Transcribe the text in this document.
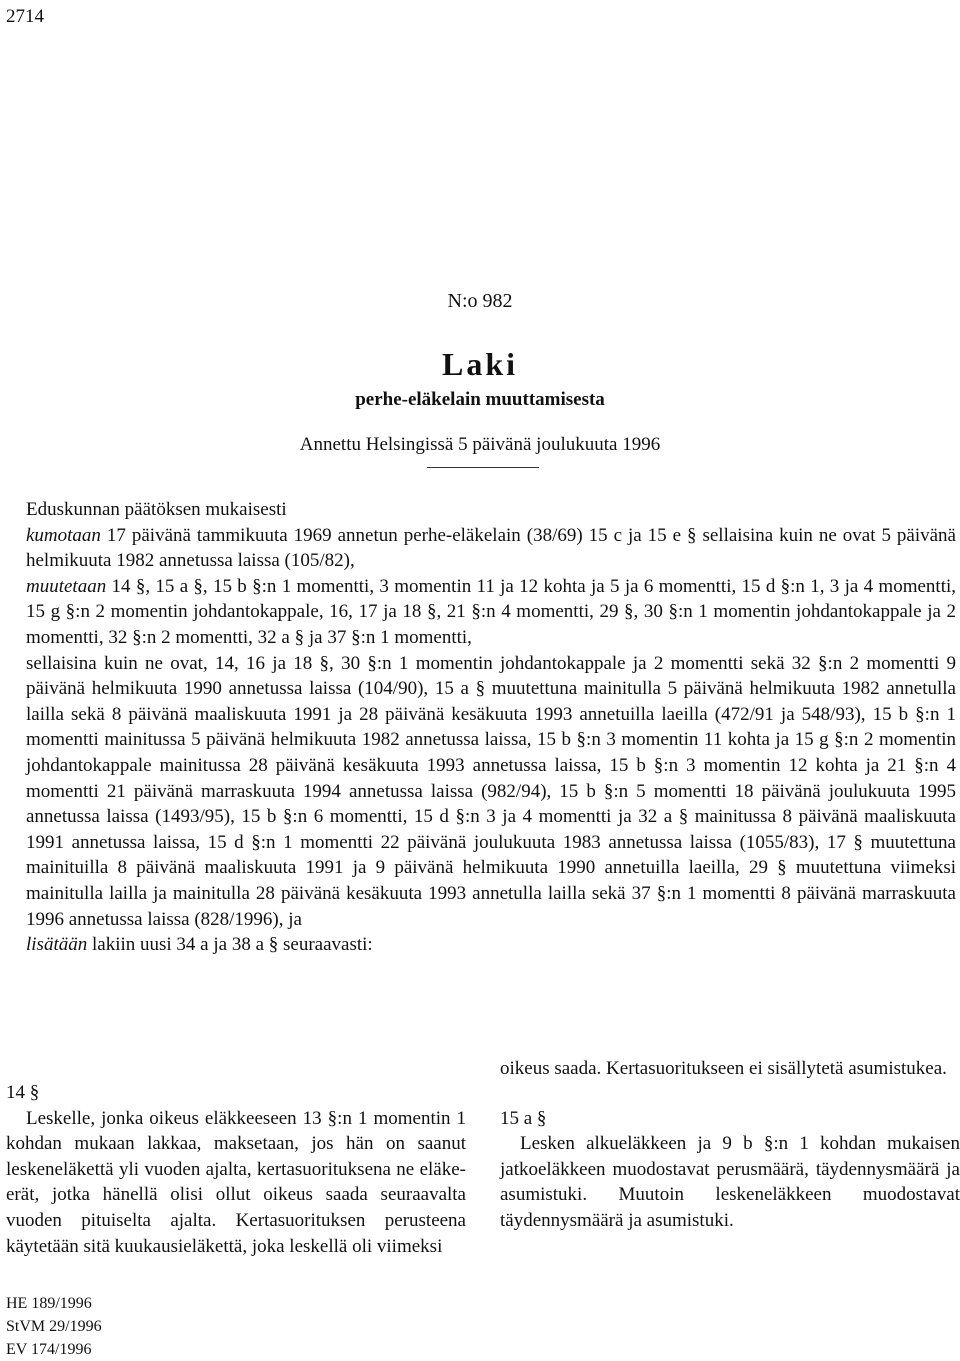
2714
N:o 982
Laki
perhe-eläkelain muuttamisesta
Annettu Helsingissä 5 päivänä joulukuuta 1996

Eduskunnan päätöksen mukaisesti

kumotaan 17 päivänä tammikuuta 1969 annetun perhe-eläkelain (38/69) 15 c ja 15 e § sellaisina kuin ne ovat 5 päivänä helmikuuta 1982 annetussa laissa (105/82),

muutetaan 14 §, 15 a §, 15 b §:n 1 momentti, 3 momentin 11 ja 12 kohta ja 5 ja 6 momentti, 15 d §:n 1, 3 ja 4 momentti, 15 g §:n 2 momentin johdantokappale, 16, 17 ja 18 §, 21 §:n 4 momentti, 29 §, 30 §:n 1 momentin johdantokappale ja 2 momentti, 32 §:n 2 momentti, 32 a § ja 37 §:n 1 momentti,

sellaisina kuin ne ovat, 14, 16 ja 18 §, 30 §:n 1 momentin johdantokappale ja 2 momentti sekä 32 §:n 2 momentti 9 päivänä helmikuuta 1990 annetussa laissa (104/90), 15 a § muutettuna mainitulla 5 päivänä helmikuuta 1982 annetulla lailla sekä 8 päivänä maaliskuuta 1991 ja 28 päivänä kesäkuuta 1993 annetuilla laeilla (472/91 ja 548/93), 15 b §:n 1 momentti mainitussa 5 päivänä helmikuuta 1982 annetussa laissa, 15 b §:n 3 momentin 11 kohta ja 15 g §:n 2 momentin johdantokappale mainitussa 28 päivänä kesäkuuta 1993 annetussa laissa, 15 b §:n 3 momentin 12 kohta ja 21 §:n 4 momentti 21 päivänä marraskuuta 1994 annetussa laissa (982/94), 15 b §:n 5 momentti 18 päivänä joulukuuta 1995 annetussa laissa (1493/95), 15 b §:n 6 momentti, 15 d §:n 3 ja 4 momentti ja 32 a § mainitussa 8 päivänä maaliskuuta 1991 annetussa laissa, 15 d §:n 1 momentti 22 päivänä joulukuuta 1983 annetussa laissa (1055/83), 17 § muutettuna mainituilla 8 päivänä maaliskuuta 1991 ja 9 päivänä helmikuuta 1990 annetuilla laeilla, 29 § muutettuna viimeksi mainitulla lailla ja mainitulla 28 päivänä kesäkuuta 1993 annetulla lailla sekä 37 §:n 1 momentti 8 päivänä marraskuuta 1996 annetussa laissa (828/1996), ja

lisätään lakiin uusi 34 a ja 38 a § seuraavasti:

14 §

Leskelle, jonka oikeus eläkkeeseen 13 §:n 1 momentin 1 kohdan mukaan lakkaa, maksetaan, jos hän on saanut leskeneläkettä yli vuoden ajalta, kertasuorituksena ne eläke-erät, jotka hänellä olisi ollut oikeus saada seuraavalta vuoden pituiselta ajalta. Kertasuorituksen perusteena käytetään sitä kuukausieläkettä, joka leskellä oli viimeksi

oikeus saada. Kertasuoritukseen ei sisällytetä asumistukea.

15 a §

Lesken alkueläkkeen ja 9 b §:n 1 kohdan mukaisen jatkoeläkkeen muodostavat perusmäärä, täydennysmäärä ja asumistuki. Muutoin leskeneläkkeen muodostavat täydennysmäärä ja asumistuki.

HE 189/1996
StVM 29/1996
EV 174/1996
